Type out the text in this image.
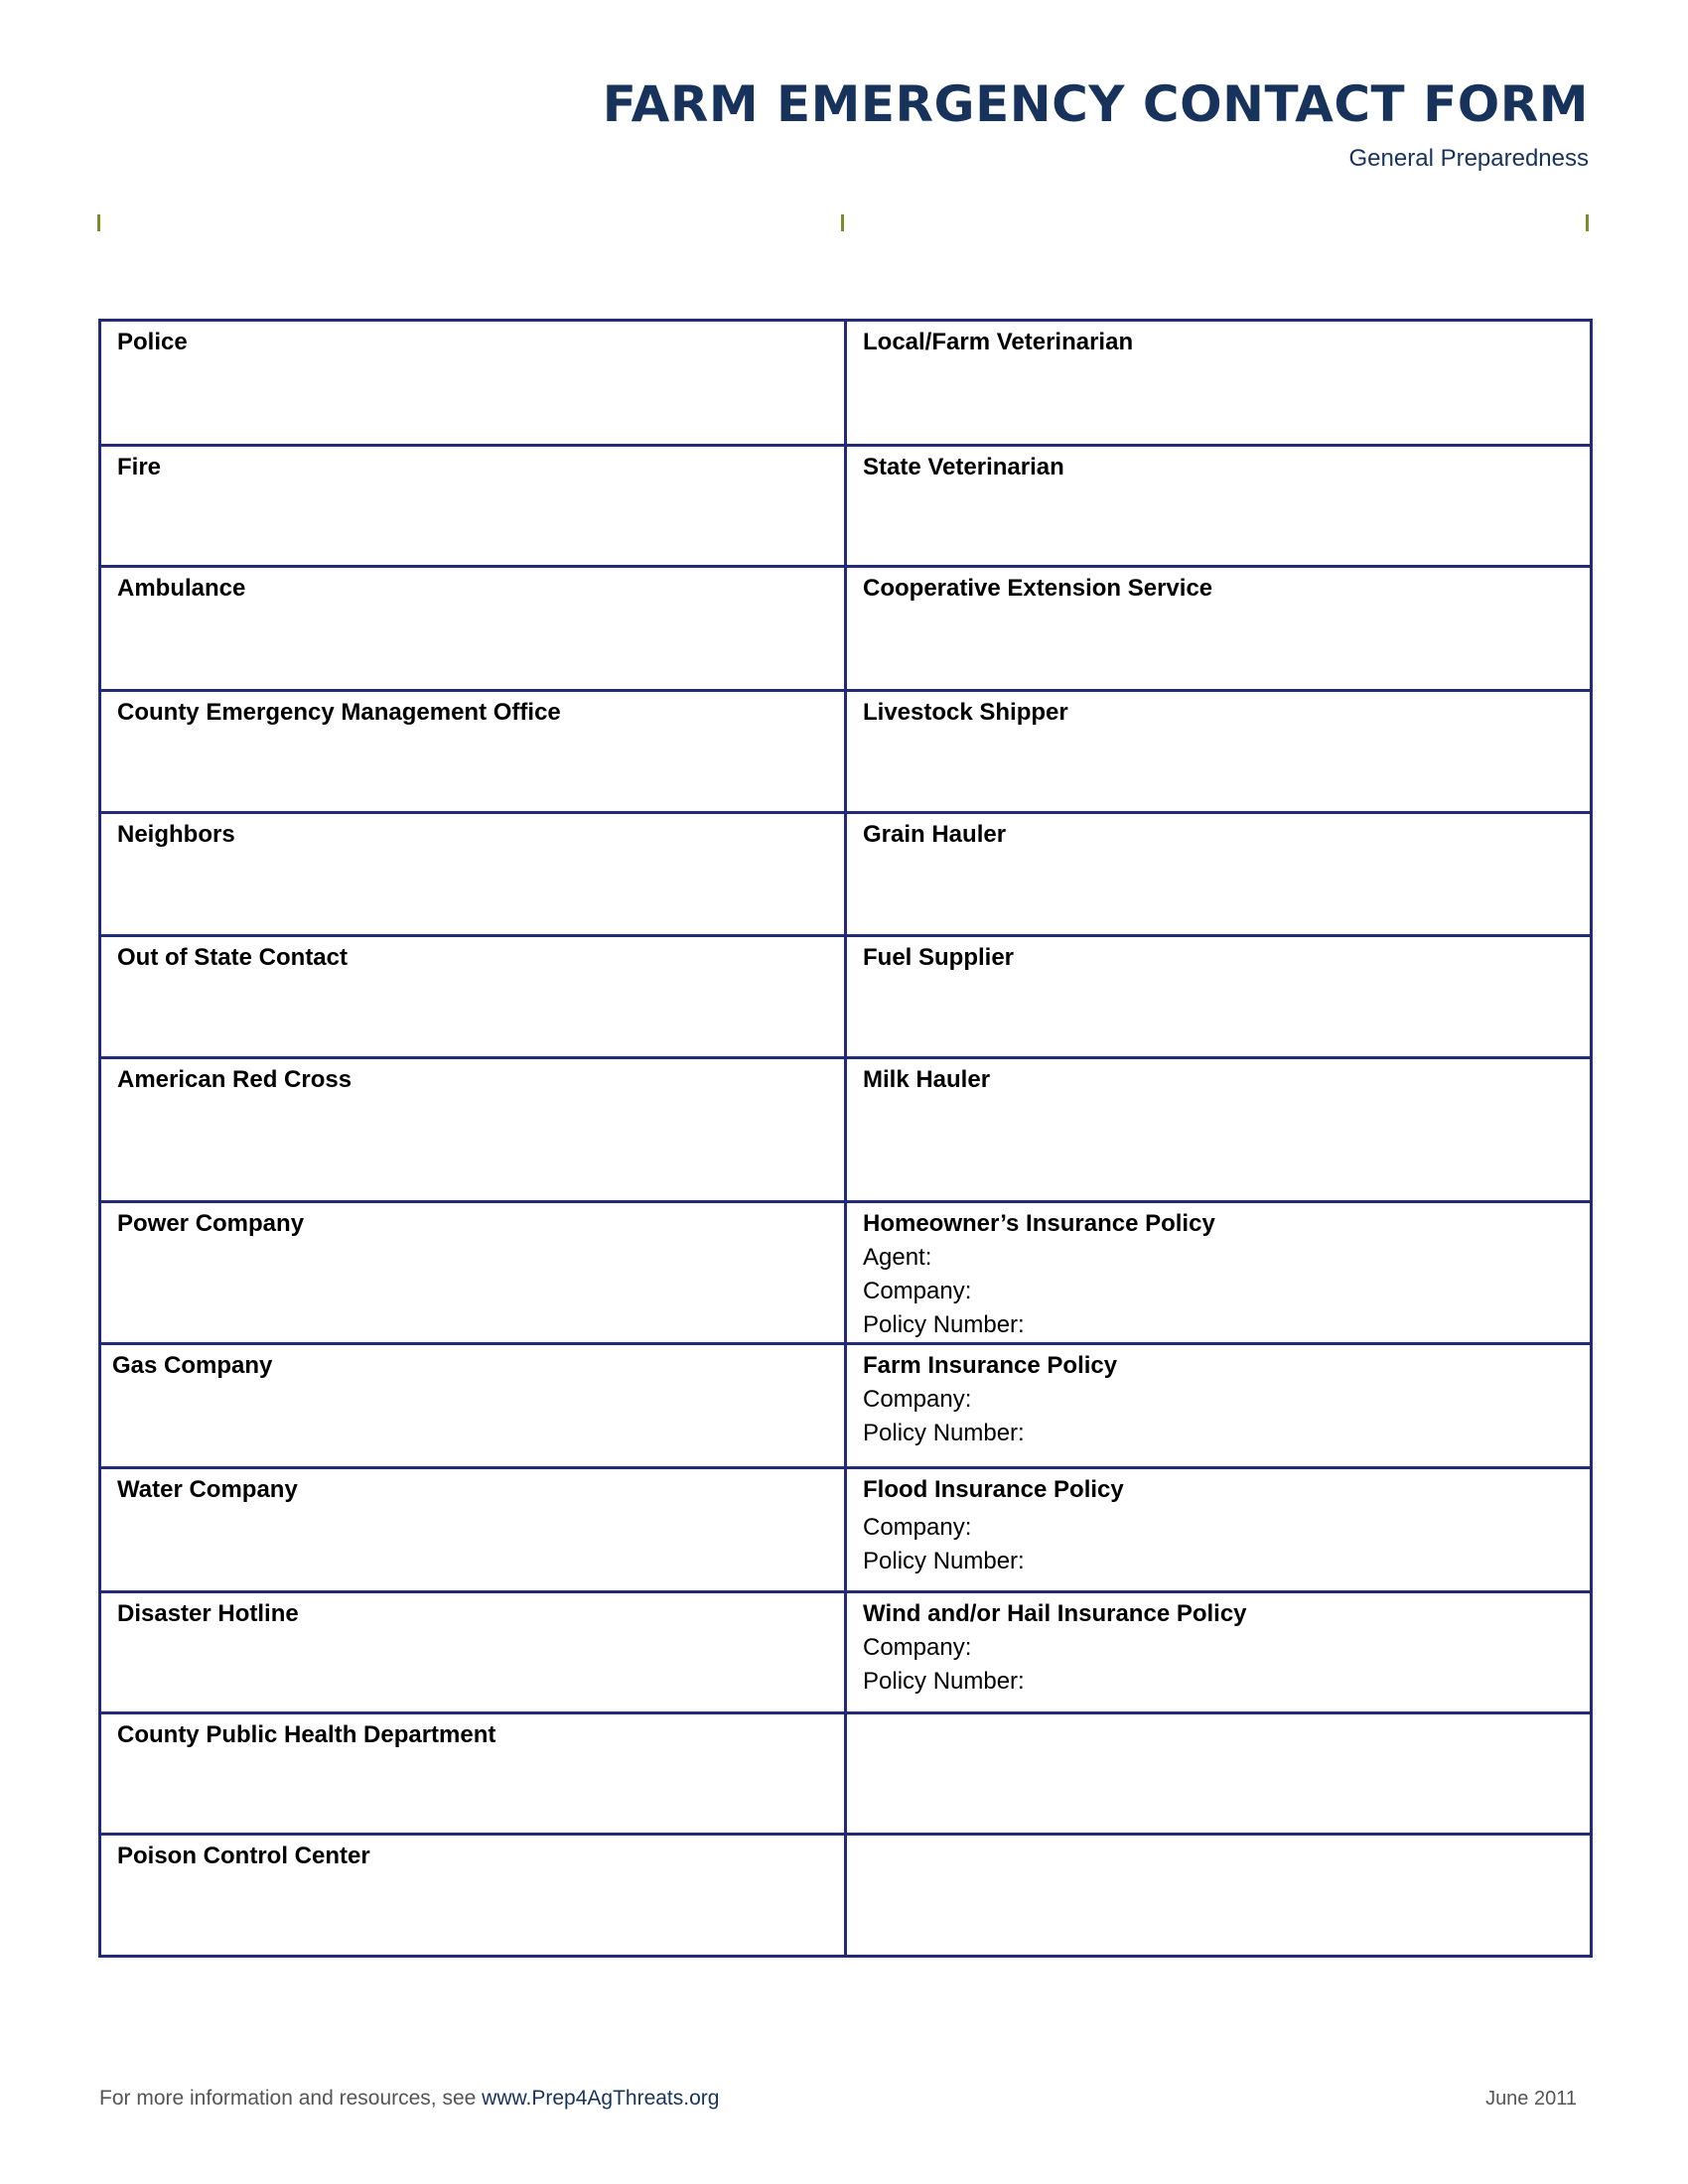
FARM EMERGENCY CONTACT FORM
General Preparedness
Police	Local/Farm Veterinarian

Fire	State Veterinarian

Ambulance	Cooperative Extension Service

County Emergency Management Office	Livestock Shipper

Neighbors	Grain Hauler

Out of State Contact	Fuel Supplier

American Red Cross	Milk Hauler

Power Company	Homeowner’s Insurance Policy
Agent:
Company:
Policy Number:

Gas Company	Farm Insurance Policy
Company:
Policy Number:

Water Company	Flood Insurance Policy
Company:
Policy Number:

Disaster Hotline	Wind and/or Hail Insurance Policy
Company:
Policy Number:

County Public Health Department	

Poison Control Center	

For more information and resources, see www.Prep4AgThreats.org	June 2011
